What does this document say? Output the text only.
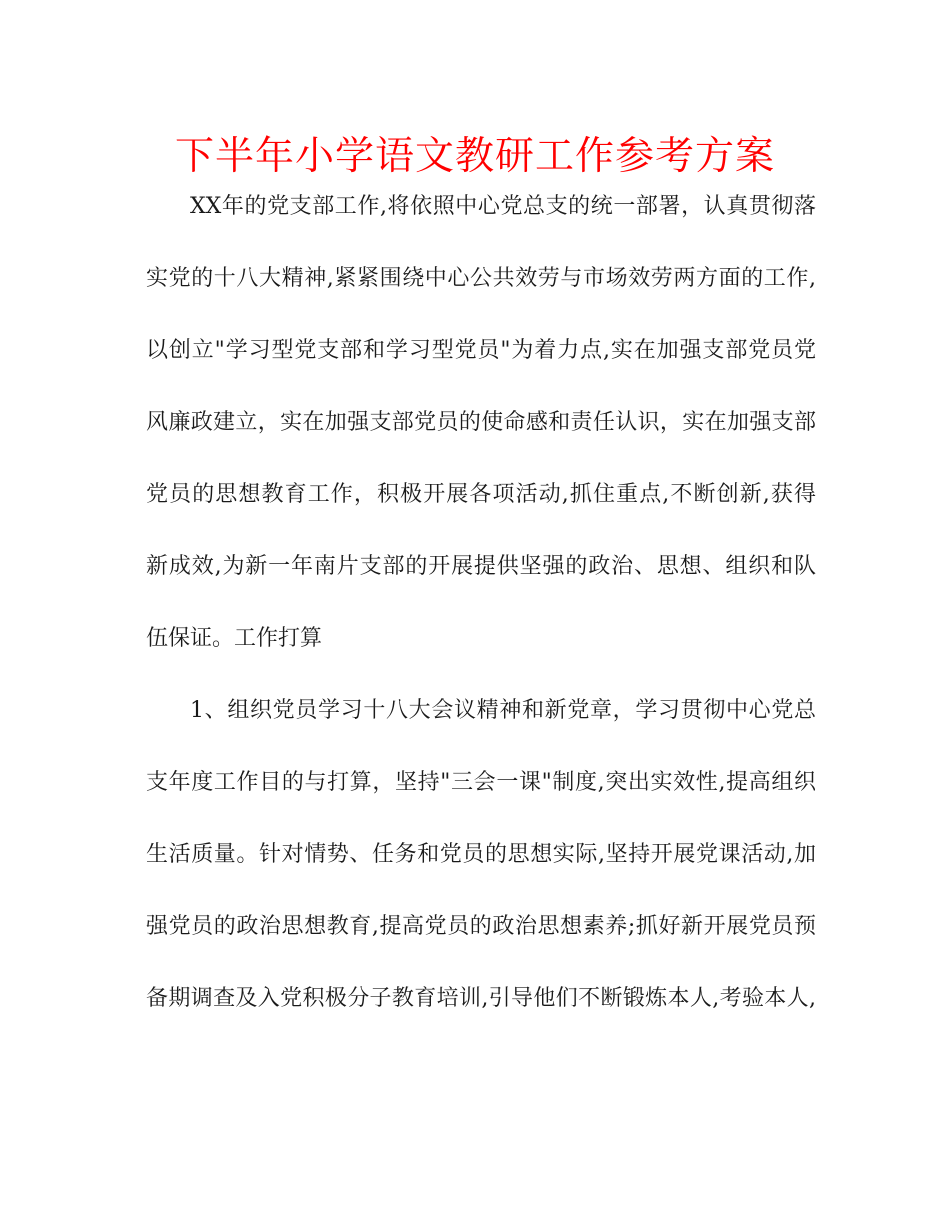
下半年小学语文教研工作参考方案
XX年的党支部工作,将依照中心党总支的统一部署，认真贯彻落
实党的十八大精神,紧紧围绕中心公共效劳与市场效劳两方面的工作,
以创立"学习型党支部和学习型党员"为着力点,实在加强支部党员党
风廉政建立，实在加强支部党员的使命感和责任认识，实在加强支部
党员的思想教育工作，积极开展各项活动,抓住重点,不断创新,获得
新成效,为新一年南片支部的开展提供坚强的政治、思想、组织和队
伍保证。工作打算
1、组织党员学习十八大会议精神和新党章，学习贯彻中心党总
支年度工作目的与打算，坚持"三会一课"制度,突出实效性,提高组织
生活质量。针对情势、任务和党员的思想实际,坚持开展党课活动,加
强党员的政治思想教育,提高党员的政治思想素养;抓好新开展党员预
备期调查及入党积极分子教育培训,引导他们不断锻炼本人,考验本人,
